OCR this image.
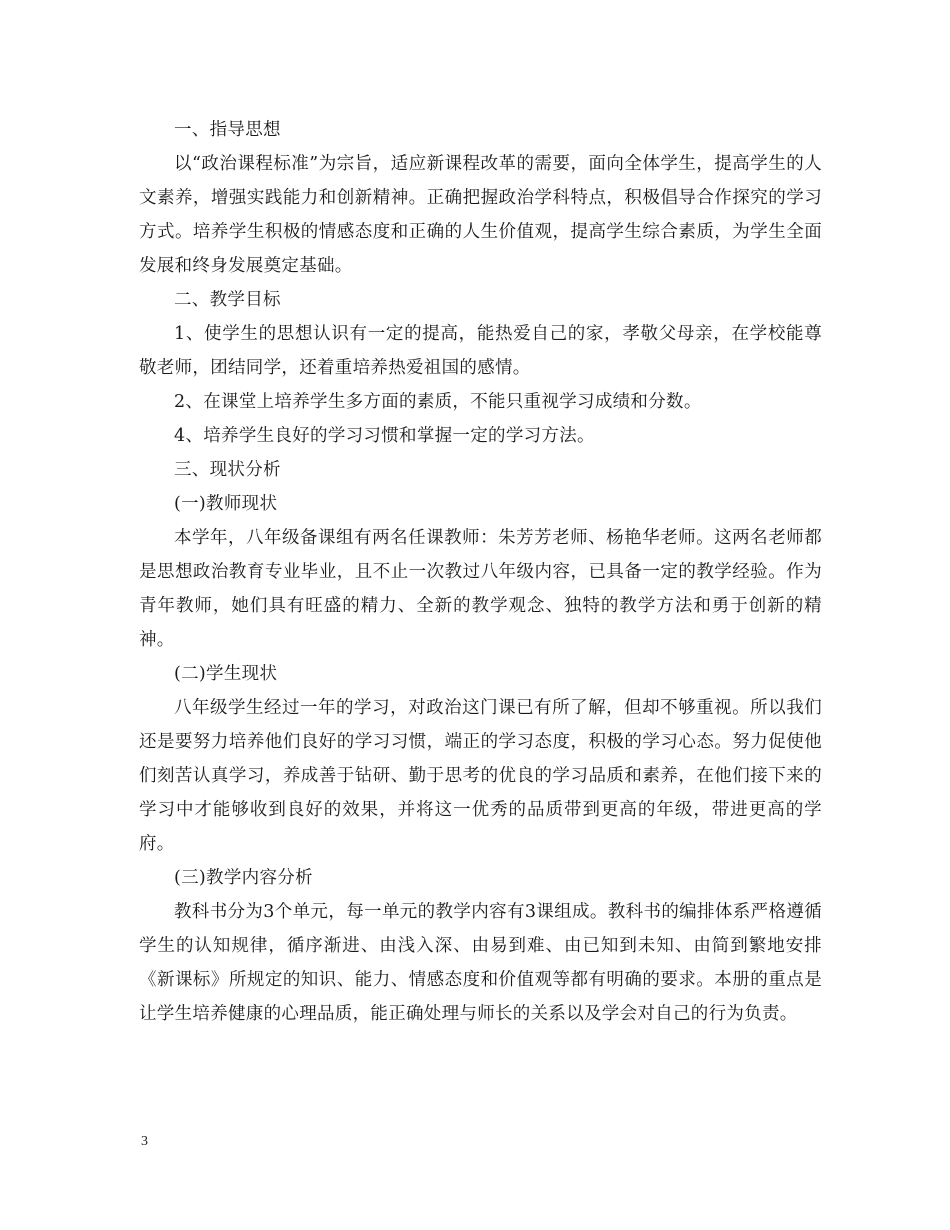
一、指导思想

以“政治课程标准”为宗旨，适应新课程改革的需要，面向全体学生，提高学生的人文素养，增强实践能力和创新精神。正确把握政治学科特点，积极倡导合作探究的学习方式。培养学生积极的情感态度和正确的人生价值观，提高学生综合素质，为学生全面发展和终身发展奠定基础。

二、教学目标

1、使学生的思想认识有一定的提高，能热爱自己的家，孝敬父母亲，在学校能尊敬老师，团结同学，还着重培养热爱祖国的感情。

2、在课堂上培养学生多方面的素质，不能只重视学习成绩和分数。

4、培养学生良好的学习习惯和掌握一定的学习方法。

三、现状分析

(一)教师现状

本学年，八年级备课组有两名任课教师：朱芳芳老师、杨艳华老师。这两名老师都是思想政治教育专业毕业，且不止一次教过八年级内容，已具备一定的教学经验。作为青年教师，她们具有旺盛的精力、全新的教学观念、独特的教学方法和勇于创新的精神。

(二)学生现状

八年级学生经过一年的学习，对政治这门课已有所了解，但却不够重视。所以我们还是要努力培养他们良好的学习习惯，端正的学习态度，积极的学习心态。努力促使他们刻苦认真学习，养成善于钻研、勤于思考的优良的学习品质和素养，在他们接下来的学习中才能够收到良好的效果，并将这一优秀的品质带到更高的年级，带进更高的学府。

(三)教学内容分析

教科书分为3个单元，每一单元的教学内容有3课组成。教科书的编排体系严格遵循学生的认知规律，循序渐进、由浅入深、由易到难、由已知到未知、由简到繁地安排《新课标》所规定的知识、能力、情感态度和价值观等都有明确的要求。本册的重点是让学生培养健康的心理品质，能正确处理与师长的关系以及学会对自己的行为负责。

3
